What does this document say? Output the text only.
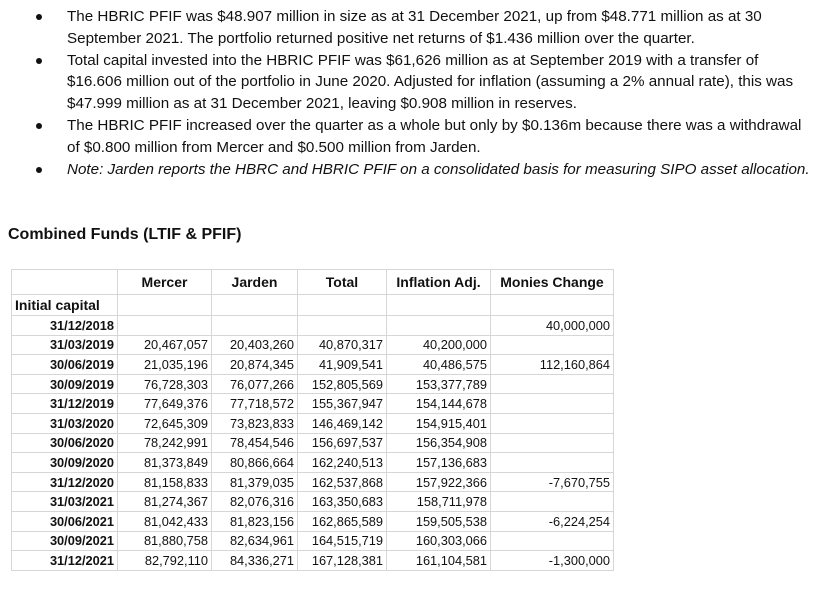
The HBRIC PFIF was $48.907 million in size as at 31 December 2021, up from $48.771 million as at 30 September 2021. The portfolio returned positive net returns of $1.436 million over the quarter.
Total capital invested into the HBRIC PFIF was $61,626 million as at September 2019 with a transfer of $16.606 million out of the portfolio in June 2020. Adjusted for inflation (assuming a 2% annual rate), this was $47.999 million as at 31 December 2021, leaving $0.908 million in reserves.
The HBRIC PFIF increased over the quarter as a whole but only by $0.136m because there was a withdrawal of $0.800 million from Mercer and $0.500 million from Jarden.
Note: Jarden reports the HBRC and HBRIC PFIF on a consolidated basis for measuring SIPO asset allocation.
Combined Funds (LTIF & PFIF)
	Mercer	Jarden	Total	Inflation Adj.	Monies Change
Initial capital					
31/12/2018					40,000,000
31/03/2019	20,467,057	20,403,260	40,870,317	40,200,000	
30/06/2019	21,035,196	20,874,345	41,909,541	40,486,575	112,160,864
30/09/2019	76,728,303	76,077,266	152,805,569	153,377,789	
31/12/2019	77,649,376	77,718,572	155,367,947	154,144,678	
31/03/2020	72,645,309	73,823,833	146,469,142	154,915,401	
30/06/2020	78,242,991	78,454,546	156,697,537	156,354,908	
30/09/2020	81,373,849	80,866,664	162,240,513	157,136,683	
31/12/2020	81,158,833	81,379,035	162,537,868	157,922,366	-7,670,755
31/03/2021	81,274,367	82,076,316	163,350,683	158,711,978	
30/06/2021	81,042,433	81,823,156	162,865,589	159,505,538	-6,224,254
30/09/2021	81,880,758	82,634,961	164,515,719	160,303,066	
31/12/2021	82,792,110	84,336,271	167,128,381	161,104,581	-1,300,000
